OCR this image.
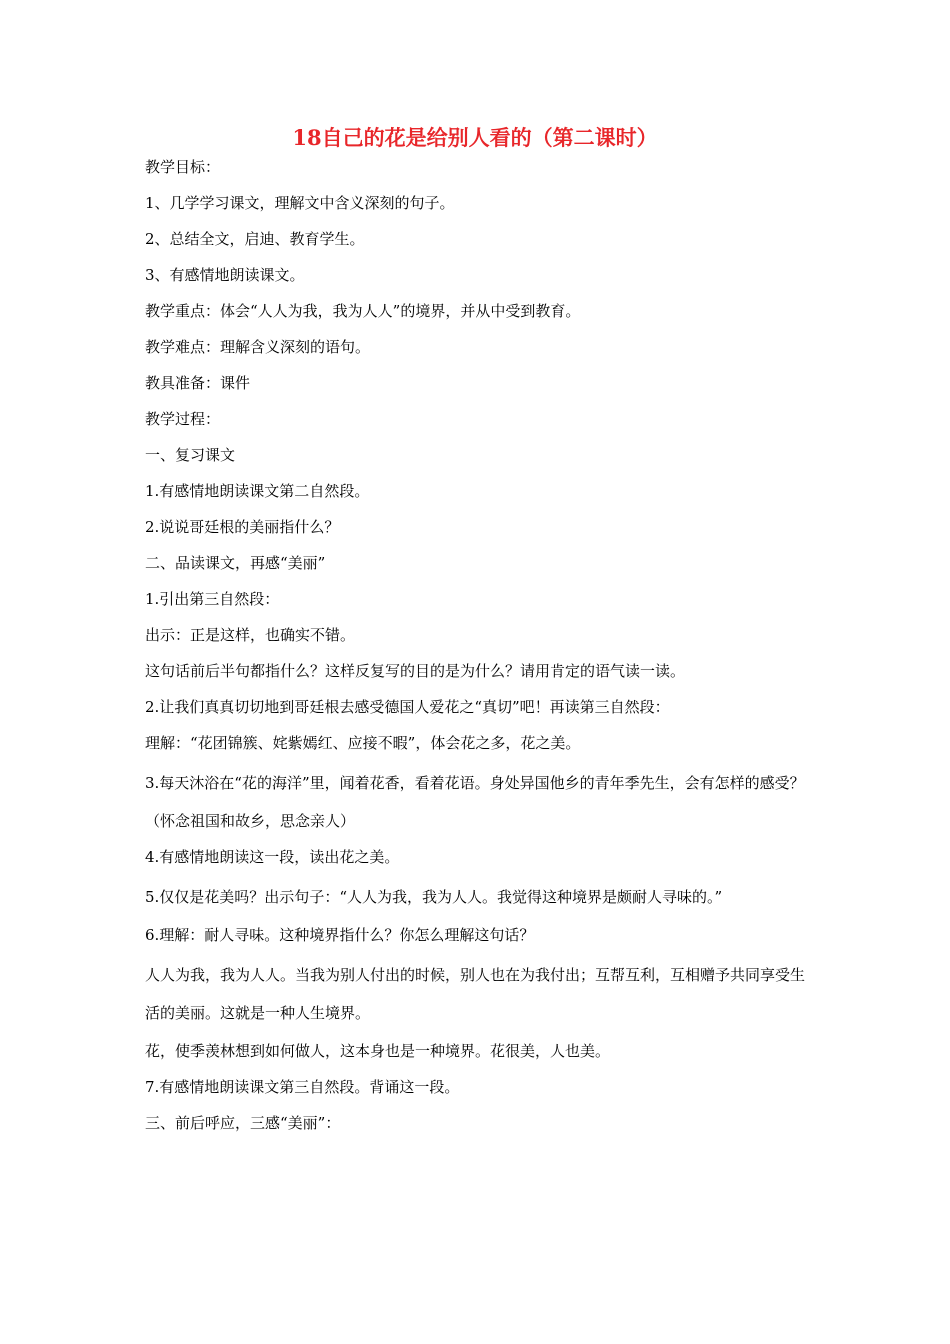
18自己的花是给别人看的（第二课时）
教学目标：
1、几学学习课文，理解文中含义深刻的句子。
2、总结全文，启迪、教育学生。
3、有感情地朗读课文。
教学重点：体会“人人为我，我为人人”的境界，并从中受到教育。
教学难点：理解含义深刻的语句。
教具准备：课件
教学过程：
一、复习课文
1.有感情地朗读课文第二自然段。
2.说说哥廷根的美丽指什么？
二、品读课文，再感“美丽”
1.引出第三自然段：
出示：正是这样，也确实不错。
这句话前后半句都指什么？这样反复写的目的是为什么？请用肯定的语气读一读。
2.让我们真真切切地到哥廷根去感受德国人爱花之“真切”吧！再读第三自然段：
理解：“花团锦簇、姹紫嫣红、应接不暇”，体会花之多，花之美。
3.每天沐浴在“花的海洋”里，闻着花香，看着花语。身处异国他乡的青年季先生，会有怎样的感受？
（怀念祖国和故乡，思念亲人）
4.有感情地朗读这一段，读出花之美。
5.仅仅是花美吗？出示句子：“人人为我，我为人人。我觉得这种境界是颇耐人寻味的。”
6.理解：耐人寻味。这种境界指什么？你怎么理解这句话？
人人为我，我为人人。当我为别人付出的时候，别人也在为我付出；互帮互利，互相赠予共同享受生活的美丽。这就是一种人生境界。
花，使季羡林想到如何做人，这本身也是一种境界。花很美，人也美。
7.有感情地朗读课文第三自然段。背诵这一段。
三、前后呼应，三感“美丽”：
